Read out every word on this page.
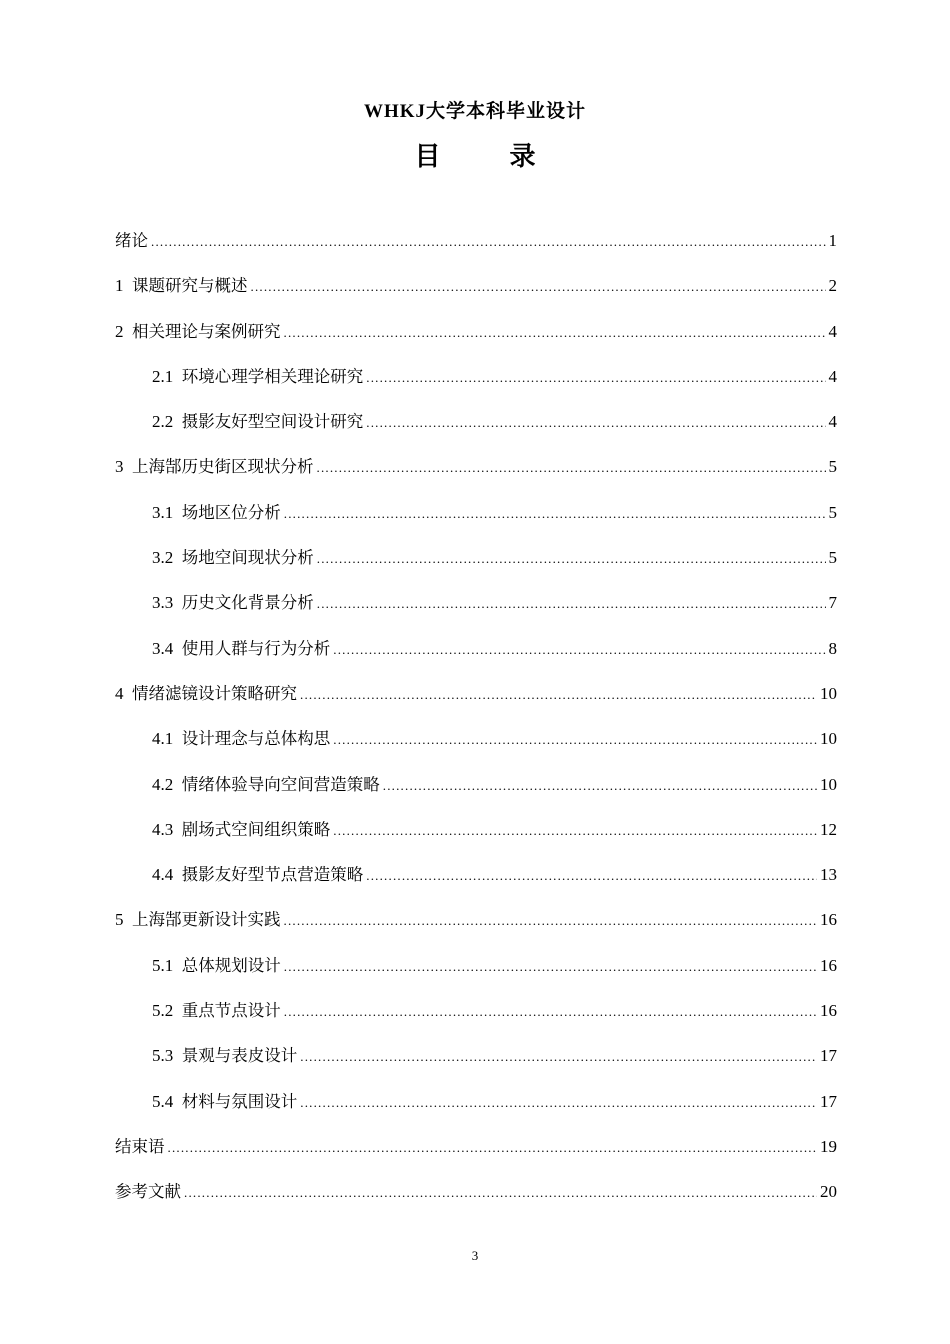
WHKJ大学本科毕业设计
目 录
绪论 .....	1
1 课题研究与概述 .....	2
2 相关理论与案例研究 .....	4
2.1 环境心理学相关理论研究 .....	4
2.2 摄影友好型空间设计研究 .....	4
3 上海郜历史街区现状分析 .....	5
3.1 场地区位分析 .....	5
3.2 场地空间现状分析 .....	5
3.3 历史文化背景分析 .....	7
3.4 使用人群与行为分析 .....	8
4 情绪滤镜设计策略研究 .....	10
4.1 设计理念与总体构思 .....	10
4.2 情绪体验导向空间营造策略 .....	10
4.3 剧场式空间组织策略 .....	12
4.4 摄影友好型节点营造策略 .....	13
5 上海郜更新设计实践 .....	16
5.1 总体规划设计 .....	16
5.2 重点节点设计 .....	16
5.3 景观与表皮设计 .....	17
5.4 材料与氛围设计 .....	17
结束语 .....	19
参考文献 .....	20
3
